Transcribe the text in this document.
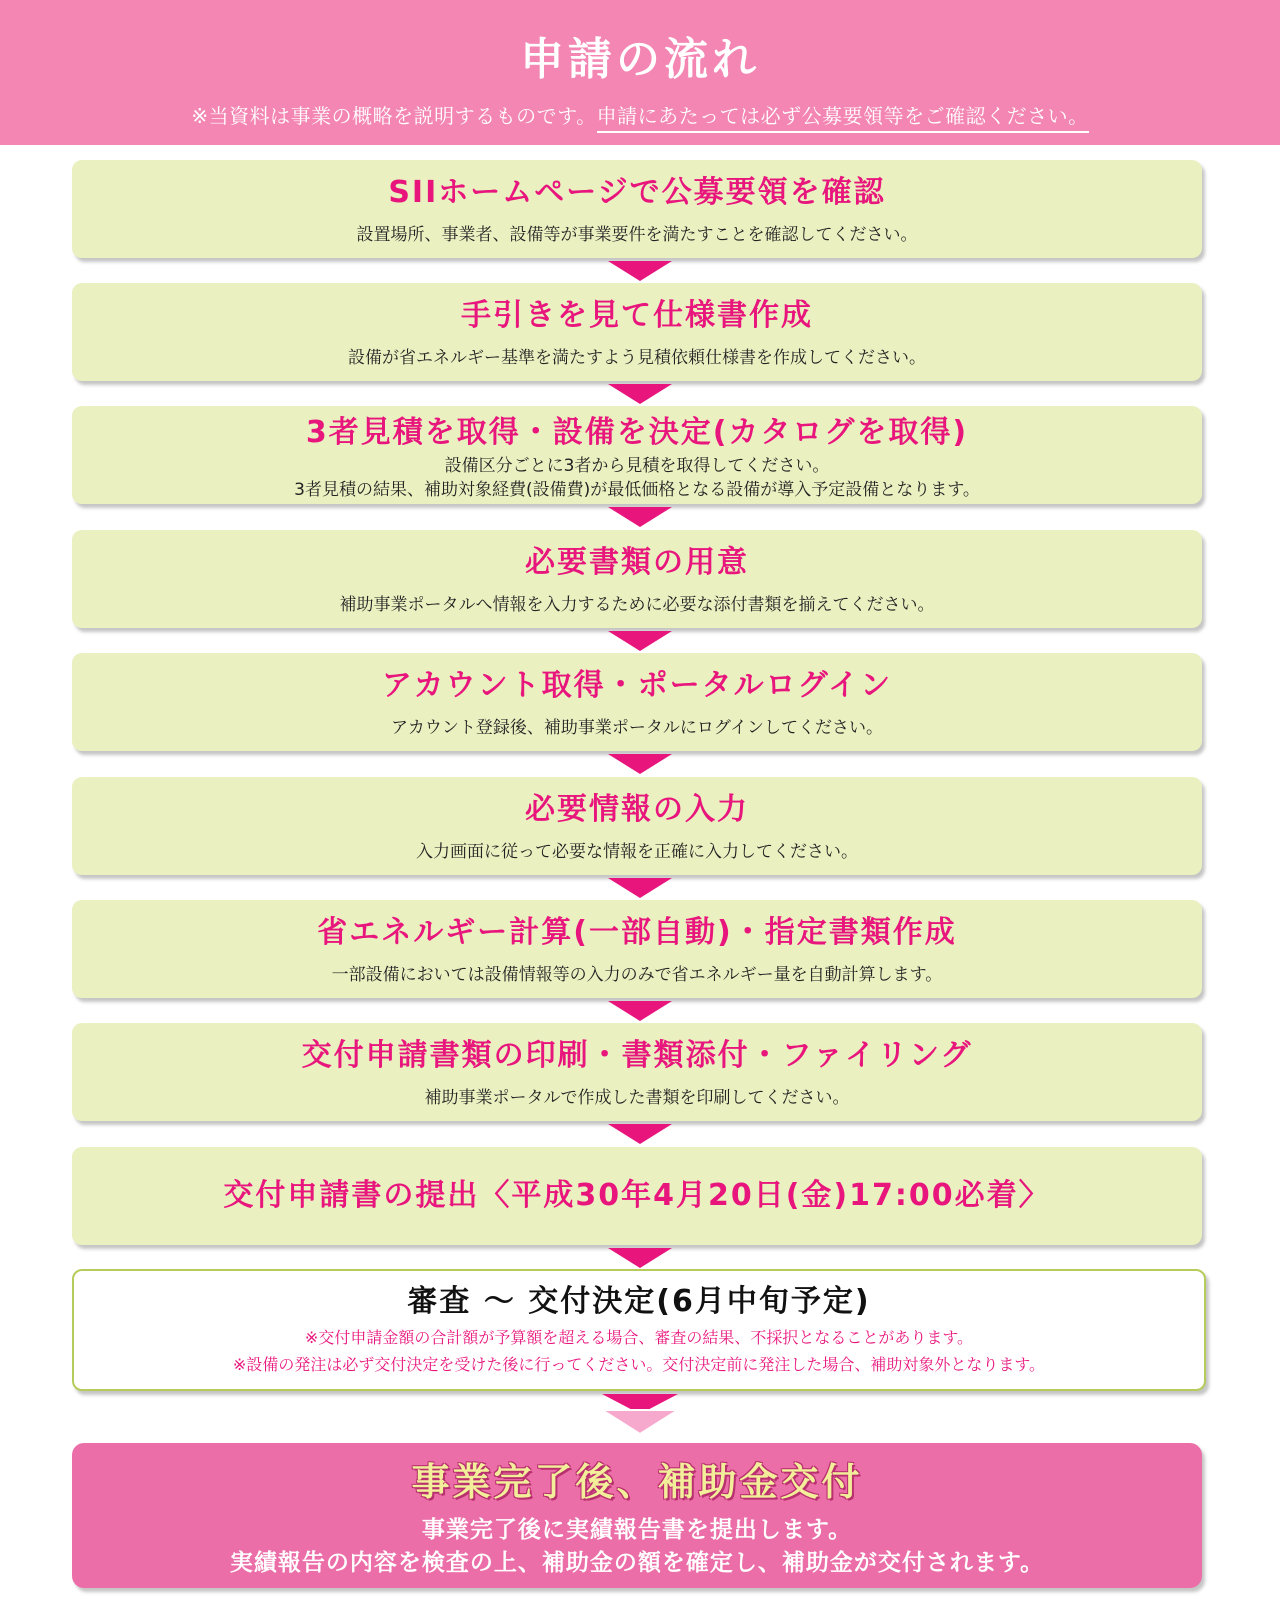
申請の流れ
※当資料は事業の概略を説明するものです。申請にあたっては必ず公募要領等をご確認ください。
SIIホームページで公募要領を確認
設置場所、事業者、設備等が事業要件を満たすことを確認してください。
手引きを見て仕様書作成
設備が省エネルギー基準を満たすよう見積依頼仕様書を作成してください。
3者見積を取得・設備を決定(カタログを取得)
設備区分ごとに3者から見積を取得してください。
3者見積の結果、補助対象経費(設備費)が最低価格となる設備が導入予定設備となります。
必要書類の用意
補助事業ポータルへ情報を入力するために必要な添付書類を揃えてください。
アカウント取得・ポータルログイン
アカウント登録後、補助事業ポータルにログインしてください。
必要情報の入力
入力画面に従って必要な情報を正確に入力してください。
省エネルギー計算(一部自動)・指定書類作成
一部設備においては設備情報等の入力のみで省エネルギー量を自動計算します。
交付申請書類の印刷・書類添付・ファイリング
補助事業ポータルで作成した書類を印刷してください。
交付申請書の提出〈平成30年4月20日(金)17:00必着〉
審査 〜 交付決定(6月中旬予定)
※交付申請金額の合計額が予算額を超える場合、審査の結果、不採択となることがあります。
※設備の発注は必ず交付決定を受けた後に行ってください。交付決定前に発注した場合、補助対象外となります。
事業完了後、補助金交付
事業完了後に実績報告書を提出します。
実績報告の内容を検査の上、補助金の額を確定し、補助金が交付されます。
